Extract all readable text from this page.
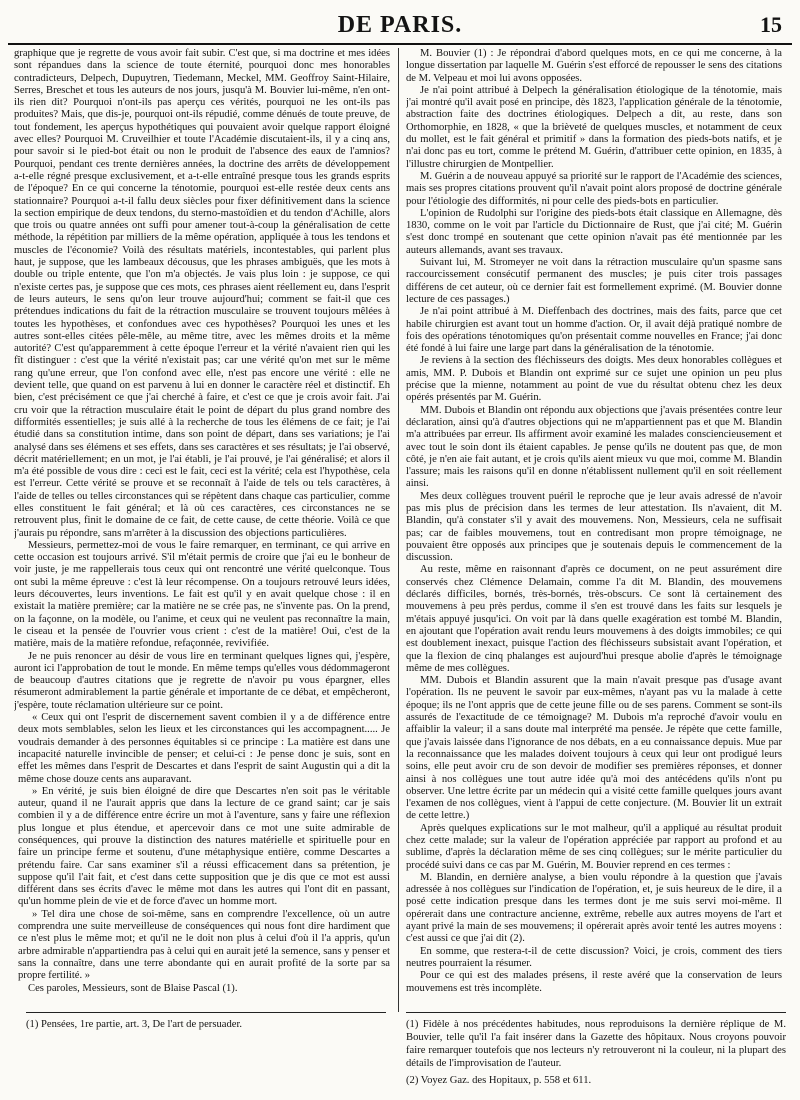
DE PARIS.	15

graphique que je regrette de vous avoir fait subir. C'est que, si ma doctrine et mes idées sont répandues dans la science de toute éternité, pourquoi donc mes honorables contradicteurs, Delpech, Dupuytren, Tiedemann, Meckel, MM. Geoffroy Saint-Hilaire, Serres, Breschet et tous les auteurs de nos jours, jusqu'à M. Bouvier lui-même, n'en ont-ils rien dit? Pourquoi n'ont-ils pas aperçu ces vérités, pourquoi ne les ont-ils pas produites? Mais, que dis-je, pourquoi ont-ils répudié, comme dénués de toute preuve, de tout fondement, les aperçus hypothétiques qui pouvaient avoir quelque rapport éloigné avec elles? Pourquoi M. Cruveilhier et toute l'Académie discutaient-ils, il y a cinq ans, pour savoir si le pied-bot était ou non le produit de l'absence des eaux de l'amnios? Pourquoi, pendant ces trente dernières années, la doctrine des arrêts de développement a-t-elle régné presque exclusivement, et a-t-elle entraîné presque tous les grands esprits de l'époque? En ce qui concerne la ténotomie, pourquoi est-elle restée deux cents ans stationnaire? Pourquoi a-t-il fallu deux siècles pour fixer définitivement dans la science la section empirique de deux tendons, du sterno-mastoïdien et du tendon d'Achille, alors que trois ou quatre années ont suffi pour amener tout-à-coup la généralisation de cette méthode, la répétition par milliers de la même opération, appliquée à tous les tendons et muscles de l'économie? Voilà des résultats matériels, incontestables, qui parlent plus haut, je suppose, que les lambeaux décousus, que les phrases ambiguës, que les mots à double ou triple entente, que l'on m'a objectés. Je vais plus loin : je suppose, ce qui n'existe certes pas, je suppose que ces mots, ces phrases aient réellement eu, dans l'esprit de leurs auteurs, le sens qu'on leur trouve aujourd'hui; comment se fait-il que ces prétendues indications du fait de la rétraction musculaire se trouvent toujours mêlées à toutes les hypothèses, et confondues avec ces hypothèses? Pourquoi les unes et les autres sont-elles citées pêle-mêle, au même titre, avec les mêmes droits et la même autorité? C'est qu'apparemment à cette époque l'erreur et la vérité n'avaient rien qui les fît distinguer : c'est que la vérité n'existait pas; car une vérité qu'on met sur le même rang qu'une erreur, que l'on confond avec elle, n'est pas encore une vérité : elle ne devient telle, que quand on est parvenu à lui en donner le caractère réel et distinctif. Eh bien, c'est précisément ce que j'ai cherché à faire, et c'est ce que je crois avoir fait. J'ai cru voir que la rétraction musculaire était le point de départ du plus grand nombre des difformités essentielles; je suis allé à la recherche de tous les élémens de ce fait; je l'ai étudié dans sa constitution intime, dans son point de départ, dans ses variations; je l'ai analysé dans ses élémens et ses effets, dans ses caractères et ses résultats; je l'ai observé, décrit matériellement; en un mot, je l'ai établi, je l'ai prouvé, je l'ai généralisé; et alors il m'a été possible de vous dire : ceci est le fait, ceci est la vérité; cela est l'hypothèse, cela est l'erreur. Cette vérité se prouve et se reconnaît à l'aide de tels ou tels caractères, à l'aide de telles ou telles circonstances qui se répètent dans chaque cas particulier, comme elles constituent le fait général; et là où ces caractères, ces circonstances ne se retrouvent plus, finit le domaine de ce fait, de cette cause, de cette théorie. Voilà ce que j'aurais pu répondre, sans m'arrêter à la discussion des objections particulières.

Messieurs, permettez-moi de vous le faire remarquer, en terminant, ce qui arrive en cette occasion est toujours arrivé. S'il m'était permis de croire que j'ai eu le bonheur de voir juste, je me rappellerais tous ceux qui ont rencontré une vérité quelconque. Tous ont subi la même épreuve : c'est là leur récompense. On a toujours retrouvé leurs idées, leurs découvertes, leurs inventions. Le fait est qu'il y en avait quelque chose : il en existait la matière première; car la matière ne se crée pas, ne s'invente pas. On la prend, on la façonne, on la modèle, ou l'anime, et ceux qui ne veulent pas reconnaître la main, le ciseau et la pensée de l'ouvrier vous crient : c'est de la matière! Oui, c'est de la matière, mais de la matière refondue, refaçonnée, revivifiée.

Je ne puis renoncer au désir de vous lire en terminant quelques lignes qui, j'espère, auront ici l'approbation de tout le monde. En même temps qu'elles vous dédommageront de beaucoup d'autres citations que je regrette de n'avoir pu vous épargner, elles résumeront admirablement la partie générale et importante de ce débat, et empêcheront, j'espère, toute réclamation ultérieure sur ce point.

« Ceux qui ont l'esprit de discernement savent combien il y a de différence entre deux mots semblables, selon les lieux et les circonstances qui les accompagnent..... Je voudrais demander à des personnes équitables si ce principe : La matière est dans une incapacité naturelle invincible de penser; et celui-ci : Je pense donc je suis, sont en effet les mêmes dans l'esprit de Descartes et dans l'esprit de saint Augustin qui a dit la même chose douze cents ans auparavant.

» En vérité, je suis bien éloigné de dire que Descartes n'en soit pas le véritable auteur, quand il ne l'aurait appris que dans la lecture de ce grand saint; car je sais combien il y a de différence entre écrire un mot à l'aventure, sans y faire une réflexion plus longue et plus étendue, et apercevoir dans ce mot une suite admirable de conséquences, qui prouve la distinction des natures matérielle et spirituelle pour en faire un principe ferme et soutenu, d'une métaphysique entière, comme Descartes a prétendu faire. Car sans examiner s'il a réussi efficacement dans sa prétention, je suppose qu'il l'ait fait, et c'est dans cette supposition que je dis que ce mot est aussi différent dans ses écrits d'avec le même mot dans les autres qui l'ont dit en passant, qu'un homme plein de vie et de force d'avec un homme mort.

» Tel dira une chose de soi-même, sans en comprendre l'excellence, où un autre comprendra une suite merveilleuse de conséquences qui nous font dire hardiment que ce n'est plus le même mot; et qu'il ne le doit non plus à celui d'où il l'a appris, qu'un arbre admirable n'appartiendra pas à celui qui en aurait jeté la semence, sans y penser et sans la connaître, dans une terre abondante qui en aurait profité de la sorte par sa propre fertilité. »

Ces paroles, Messieurs, sont de Blaise Pascal (1).

M. Bouvier (1) : Je répondrai d'abord quelques mots, en ce qui me concerne, à la longue dissertation par laquelle M. Guérin s'est efforcé de repousser le sens des citations de M. Velpeau et moi lui avons opposées.

Je n'ai point attribué à Delpech la généralisation étiologique de la ténotomie, mais j'ai montré qu'il avait posé en principe, dès 1823, l'application générale de la ténotomie, abstraction faite des doctrines étiologiques. Delpech a dit, au reste, dans son Orthomorphie, en 1828, « que la brièveté de quelques muscles, et notamment de ceux du mollet, est le fait général et primitif » dans la formation des pieds-bots natifs, et je n'ai donc pas eu tort, comme le prétend M. Guérin, d'attribuer cette opinion, en 1835, à l'illustre chirurgien de Montpellier.

M. Guérin a de nouveau appuyé sa priorité sur le rapport de l'Académie des sciences, mais ses propres citations prouvent qu'il n'avait point alors proposé de doctrine générale pour l'étiologie des difformités, ni pour celle des pieds-bots en particulier.

L'opinion de Rudolphi sur l'origine des pieds-bots était classique en Allemagne, dès 1830, comme on le voit par l'article du Dictionnaire de Rust, que j'ai cité; M. Guérin s'est donc trompé en soutenant que cette opinion n'avait pas été mentionnée par les auteurs allemands, avant ses travaux.

Suivant lui, M. Stromeyer ne voit dans la rétraction musculaire qu'un spasme sans raccourcissement consécutif permanent des muscles; je puis citer trois passages différens de cet auteur, où ce dernier fait est formellement exprimé. (M. Bouvier donne lecture de ces passages.)

Je n'ai point attribué à M. Dieffenbach des doctrines, mais des faits, parce que cet habile chirurgien est avant tout un homme d'action. Or, il avait déjà pratiqué nombre de fois des opérations ténotomiques qu'on présentait comme nouvelles en France; j'ai donc été fondé à lui faire une large part dans la généralisation de la ténotomie.

Je reviens à la section des fléchisseurs des doigts. Mes deux honorables collègues et amis, MM. P. Dubois et Blandin ont exprimé sur ce sujet une opinion un peu plus précise que la mienne, notamment au point de vue du résultat obtenu chez les deux opérés présentés par M. Guérin.

MM. Dubois et Blandin ont répondu aux objections que j'avais présentées contre leur déclaration, ainsi qu'à d'autres objections qui ne m'appartiennent pas et que M. Blandin m'a attribuées par erreur. Ils affirment avoir examiné les malades consciencieusement et avec tout le soin dont ils étaient capables. Je pense qu'ils ne doutent pas que, de mon côté, je n'en aie fait autant, et je crois qu'ils aient mieux vu que moi, comme M. Blandin l'assure; mais les raisons qu'il en donne n'établissent nullement qu'il en soit réellement ainsi.

Mes deux collègues trouvent puéril le reproche que je leur avais adressé de n'avoir pas mis plus de précision dans les termes de leur attestation. Ils n'avaient, dit M. Blandin, qu'à constater s'il y avait des mouvemens. Non, Messieurs, cela ne suffisait pas; car de faibles mouvemens, tout en contredisant mon propre témoignage, ne pouvaient être opposés aux principes que je soutenais depuis le commencement de la discussion.

Au reste, même en raisonnant d'après ce document, on ne peut assurément dire conservés chez Clémence Delamain, comme l'a dit M. Blandin, des mouvemens déclarés difficiles, bornés, très-bornés, très-obscurs. Ce sont là certainement des mouvemens à peu près perdus, comme il s'en est trouvé dans les faits sur lesquels je m'étais appuyé jusqu'ici. On voit par là dans quelle exagération est tombé M. Blandin, en ajoutant que l'opération avait rendu leurs mouvemens à des doigts immobiles; ce qui est doublement inexact, puisque l'action des fléchisseurs subsistait avant l'opération, et que la flexion de cinq phalanges est aujourd'hui presque abolie d'après le témoignage même de mes collègues.

MM. Dubois et Blandin assurent que la main n'avait presque pas d'usage avant l'opération. Ils ne peuvent le savoir par eux-mêmes, n'ayant pas vu la malade à cette époque; ils ne l'ont appris que de cette jeune fille ou de ses parens. Comment se sont-ils assurés de l'exactitude de ce témoignage? M. Dubois m'a reproché d'avoir voulu en affaiblir la valeur; il a sans doute mal interprété ma pensée. Je répète que cette famille, que j'avais laissée dans l'ignorance de nos débats, en a eu connaissance depuis. Mue par la reconnaissance que les malades doivent toujours à ceux qui leur ont prodigué leurs soins, elle peut avoir cru de son devoir de modifier ses premières réponses, et donner ainsi à nos collègues une tout autre idée qu'à moi des antécédens qu'ils n'ont pu observer. Une lettre écrite par un médecin qui a visité cette famille quelques jours avant l'examen de nos collègues, vient à l'appui de cette conjecture. (M. Bouvier lit un extrait de cette lettre.)

Après quelques explications sur le mot malheur, qu'il a appliqué au résultat produit chez cette malade; sur la valeur de l'opération appréciée par rapport au profond et au sublime, d'après la déclaration même de ses cinq collègues; sur le mérite particulier du procédé suivi dans ce cas par M. Guérin, M. Bouvier reprend en ces termes :

M. Blandin, en dernière analyse, a bien voulu répondre à la question que j'avais adressée à nos collègues sur l'indication de l'opération, et, je suis heureux de le dire, il a posé cette indication presque dans les termes dont je me suis servi moi-même. Il opérerait dans une contracture ancienne, extrême, rebelle aux autres moyens de l'art et ayant privé la main de ses mouvemens; il opérerait après avoir tenté les autres moyens : c'est aussi ce que j'ai dit (2).

En somme, que restera-t-il de cette discussion? Voici, je crois, comment des tiers neutres pourraient la résumer.

Pour ce qui est des malades présens, il reste avéré que la conservation de leurs mouvemens est très incomplète.

(1) Pensées, 1re partie, art. 3, De l'art de persuader.	(1) Fidèle à nos précédentes habitudes, nous reproduisons la dernière réplique de M. Bouvier, telle qu'il l'a fait insérer dans la Gazette des hôpitaux. Nous croyons pouvoir faire remarquer toutefois que nos lecteurs n'y retrouveront ni la couleur, ni la plupart des détails de l'improvisation de l'auteur.

(2) Voyez Gaz. des Hopitaux, p. 558 et 611.
